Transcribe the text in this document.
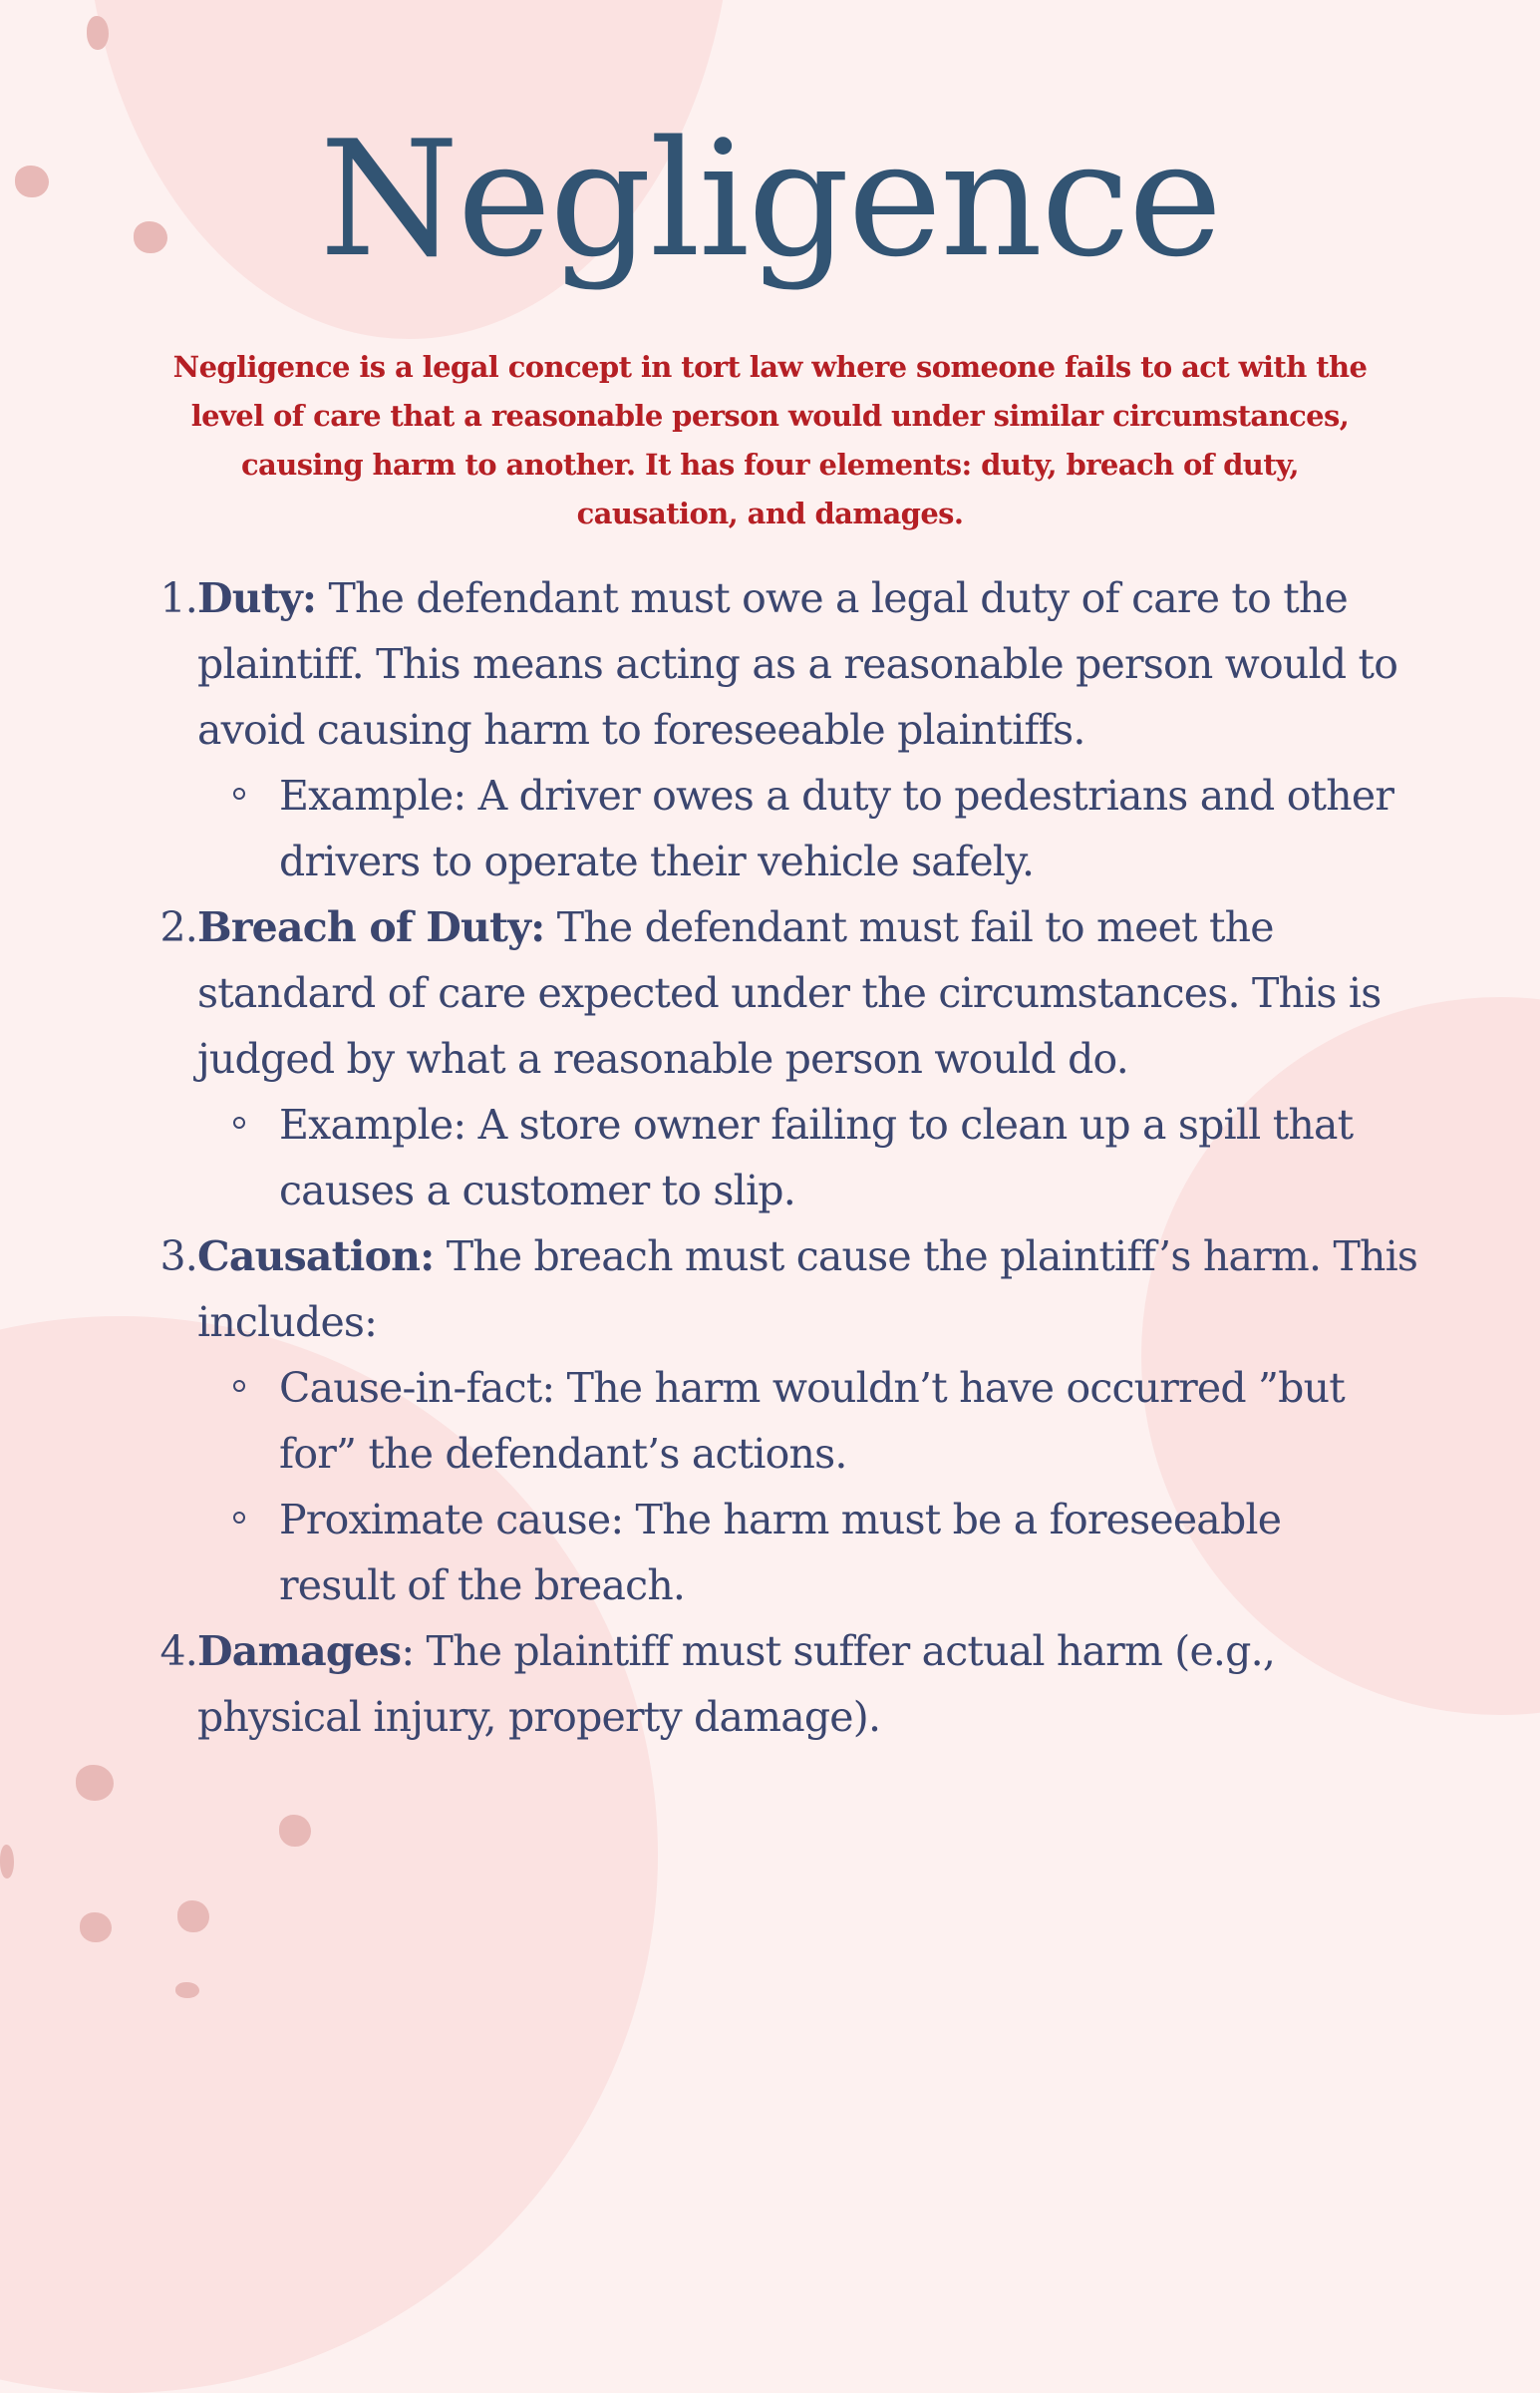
Negligence

Negligence is a legal concept in tort law where someone fails to act with the level of care that a reasonable person would under similar circumstances, causing harm to another. It has four elements: duty, breach of duty, causation, and damages.

1. Duty: The defendant must owe a legal duty of care to the plaintiff. This means acting as a reasonable person would to avoid causing harm to foreseeable plaintiffs.
Example: A driver owes a duty to pedestrians and other drivers to operate their vehicle safely.
2. Breach of Duty: The defendant must fail to meet the standard of care expected under the circumstances. This is judged by what a reasonable person would do.
Example: A store owner failing to clean up a spill that causes a customer to slip.
3. Causation: The breach must cause the plaintiff’s harm. This includes:
Cause-in-fact: The harm wouldn’t have occurred ”but for” the defendant’s actions.
Proximate cause: The harm must be a foreseeable result of the breach.
4. Damages: The plaintiff must suffer actual harm (e.g., physical injury, property damage).
